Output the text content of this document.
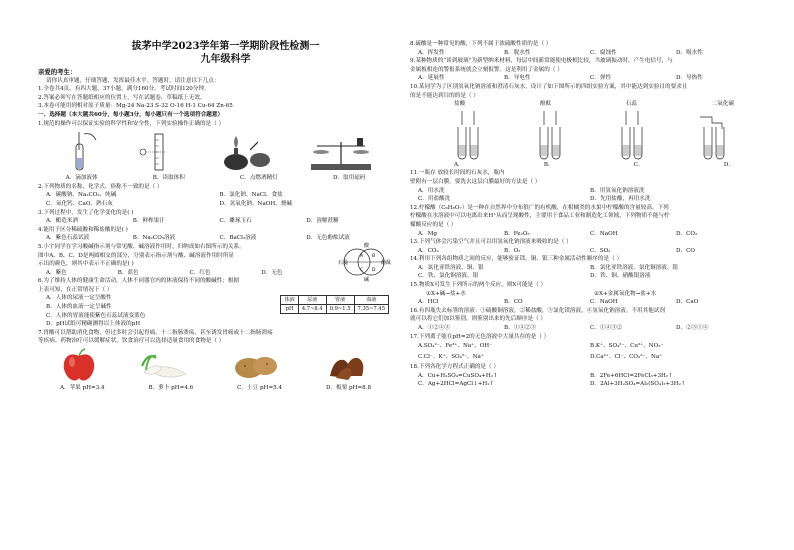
拔茅中学2023学年第一学期阶段性检测一
九年级科学
亲爱的考生：
请你认真审题，仔细答题，发挥最佳水平。答题时，请注意以下几点：
1.全卷共4页，有四大题，37小题。满分160分。考试时间120分钟。
2.答案必须写在答题纸相应的位置上，写在试题卷、草稿纸上无效。
3.本卷可能用到相对原子质量：Mg-24 Na-23 S-32 O-16 H-1 Cu-64 Zn-65
一、选择题（本大题共60分，每小题3分，每小题只有一个选项符合题意）
1.规范的操作可以保证实验的科学性和安全性，下列实验操作正确的是（ ）
A．滴加液体	B．读取体积	C．点燃酒精灯	D．取用砝码
2.下列物质的名称、化学式、俗称不一致的是（ ）
A．碳酸钠、Na₂CO₃、纯碱	B．氯化钠、NaCl、食盐
C．氧化钙、CaO、熟石灰	D．氢氧化钠、NaOH、烧碱
3.下列过程中，发生了化学变化的是( )
A．酿造米酒	B．鲜榨果汁	C．雕琢玉石	D．溶解蔗糖
4.能用于区分稀硫酸和稀盐酸的是( )
A．紫色石蕊试液	B．Na₂CO₃溶液	C．BaCl₂溶液	D．无色酚酞试液
5.小宇同学在学习酸碱指示剂与常见酸、碱溶液作用时，归纳成如右图所示的关系。
图中A、B、C、D是两圆相交的部分，分别表示指示剂与酸、碱溶液作用时所显
示出的颜色，则其中表示不正确的是( )
A．紫色	B．蓝色	C．红色	D．无色
石蕊
酸
酚酞
碱
A B
C D
6.为了维持人体的健康生命活动，人体不同器官内的体液保持不同的酸碱性；根据
上表可知，在正常情况下（ ）
A．人体的尿液一定呈酸性
B．人体的血液一定呈碱性
C．人体的胃液能使紫色石蕊试液变蓝色
D．pH试纸可精确测得以上体液的pH
体液	尿液	胃液	血液
pH	4.7~8.4	0.9~1.5	7.35~7.45
7.胃酸可以帮助消化食物，但过多时会引起胃痛、十二指肠溃疡，甚至诱发胃癌或十二指肠溃疡
等疾病。药物治疗可以缓解症状，饮食治疗可以选择适量食用的食物是（ ）
A．苹果 pH=3.4	B．萝卜 pH=4.6	C．土豆 pH=5.4	D．板栗 pH=8.8
8.硫酸是一种常见的酸，下列不属于浓硫酸性质的是（ ）
A．挥发性	B．脱水性	C．腐蚀性	D．吸水性
9.某种物质的“谈到玻璃”为新型纳米材料，每层中间新常能使电极相比较，当玻璃振动时，产生电信号，与
金属板相连的警报系统就会立刻报警。这是利用了金属的（ ）
A．延展性	B．导电性	C．弹性	D．导热性
10.某同学为了区别氢氧化钠溶液和澄清石灰水，设计了如下图所示的四组实验方案，其中能达到实验目的要求且
的是不能达到目的的是（ ）
盐酸	酚酞	石蕊	二氧化碳
A．	B．	C．	D．
11.一瓶存 放较长时间的石灰水，瓶内
壁附有一层白膜，要洗去这层白膜最好的方法是（ ）
A．用水洗	B．用氢氧化钠溶液洗
C．用盐酸洗	D．先用盐酸，再用水洗
12.柠檬酸（C₆H₈O₇）是一种在自然界中分布很广的有机酸，在柑橘类的水果中柠檬酸的含量较高。下列
柠檬酸在水溶液中可以电离出来H⁺从而呈现酸性，主要用于食品工业和制造化工领域，下列物质不能与柠
檬酸反应的是（ ）
A．Mg	B．Fe₂O₃	C．NaOH	D．CO₂
13.下列气体会污染空气并且可以用氢氧化钠溶液来吸收的是（ ）
A．CO₂	B．O₂	C．SO₂	D．CO
14.利用下列各组物质之间的反应，能够验证镁、铜、银三种金属活动性顺序的是（ ）
A．氯化亚铁溶液、铜、银	B．氯化亚铁溶液、氯化铜溶液、银
C．铁、氯化铜溶液、银	D．铁、铜、硝酸银溶液
15.物质X可发生下列所示的两个反应，则X可能是（ ）
①X+碱→盐+水	②X+金属氧化物→盐+水
A．HCl	B．CO	C．NaOH	D．CaO
16.有四瓶失去标签的溶液：①硫酸铜溶液，②稀盐酸，③氯化镁溶液，④氢氧化钠溶液。不用其他试剂
就可以将它们加以鉴别，则鉴别出来的先后顺序是（ ）
A．①②④③	B．①④②③	C．①④③②	D．②③①④
17.下列离子能在pH=2的无色溶液中大量共存的是（ ）
A.SO₄²⁻、Fe³⁺、Na⁺、OH⁻	B.K⁺、SO₄²⁻、Cu²⁺、NO₃⁻
C.Cl⁻、K⁺、SO₄²⁻、Na⁺	D.Ca²⁺、Cl⁻、CO₃²⁻、Na⁺
18.下列各化学方程式正确的是（ ）
A．Cu+H₂SO₄=CuSO₄+H₂↑	B．2Fe+6HCl=2FeCl₃+3H₂↑
C．Ag+2HCl=AgCl↓+H₂↑	D．2Al+3H₂SO₄=Al₂(SO₄)₃+3H₂↑
